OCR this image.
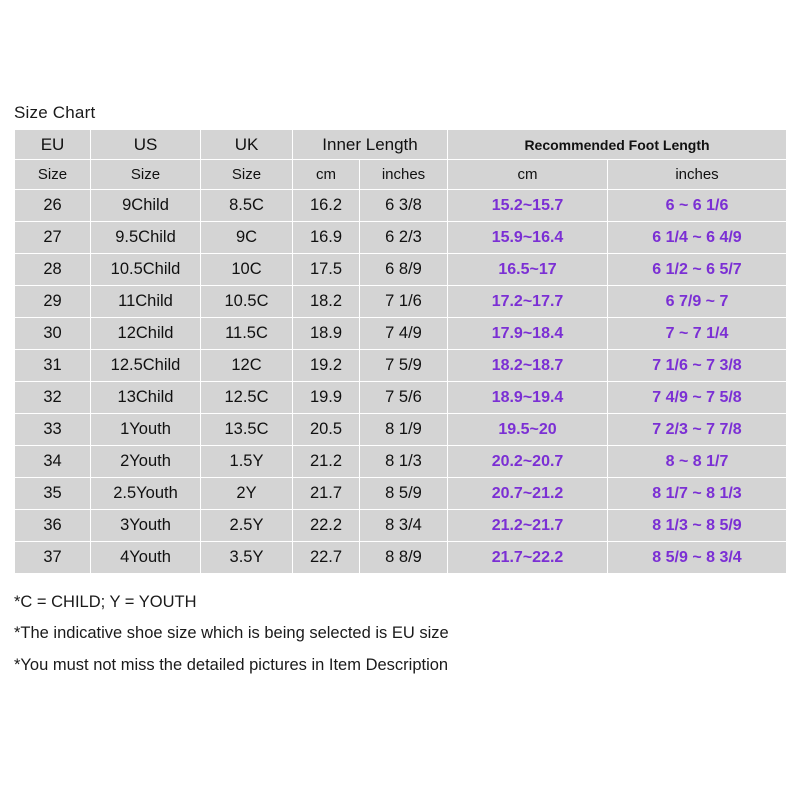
Size Chart
EU	US	UK	Inner Length		Recommended Foot Length	
Size	Size	Size	cm	inches	cm	inches
26	9Child	8.5C	16.2	6 3/8	15.2~15.7	6 ~ 6 1/6
27	9.5Child	9C	16.9	6 2/3	15.9~16.4	6 1/4 ~ 6 4/9
28	10.5Child	10C	17.5	6 8/9	16.5~17	6 1/2 ~ 6 5/7
29	11Child	10.5C	18.2	7 1/6	17.2~17.7	6 7/9 ~ 7
30	12Child	11.5C	18.9	7 4/9	17.9~18.4	7 ~ 7 1/4
31	12.5Child	12C	19.2	7 5/9	18.2~18.7	7 1/6 ~ 7 3/8
32	13Child	12.5C	19.9	7 5/6	18.9~19.4	7 4/9 ~ 7 5/8
33	1Youth	13.5C	20.5	8 1/9	19.5~20	7 2/3 ~ 7 7/8
34	2Youth	1.5Y	21.2	8 1/3	20.2~20.7	8 ~ 8 1/7
35	2.5Youth	2Y	21.7	8 5/9	20.7~21.2	8 1/7 ~ 8 1/3
36	3Youth	2.5Y	22.2	8 3/4	21.2~21.7	8 1/3 ~ 8 5/9
37	4Youth	3.5Y	22.7	8 8/9	21.7~22.2	8 5/9 ~ 8 3/4
*C = CHILD; Y = YOUTH
*The indicative shoe size which is being selected is EU size
*You must not miss the detailed pictures in Item Description
